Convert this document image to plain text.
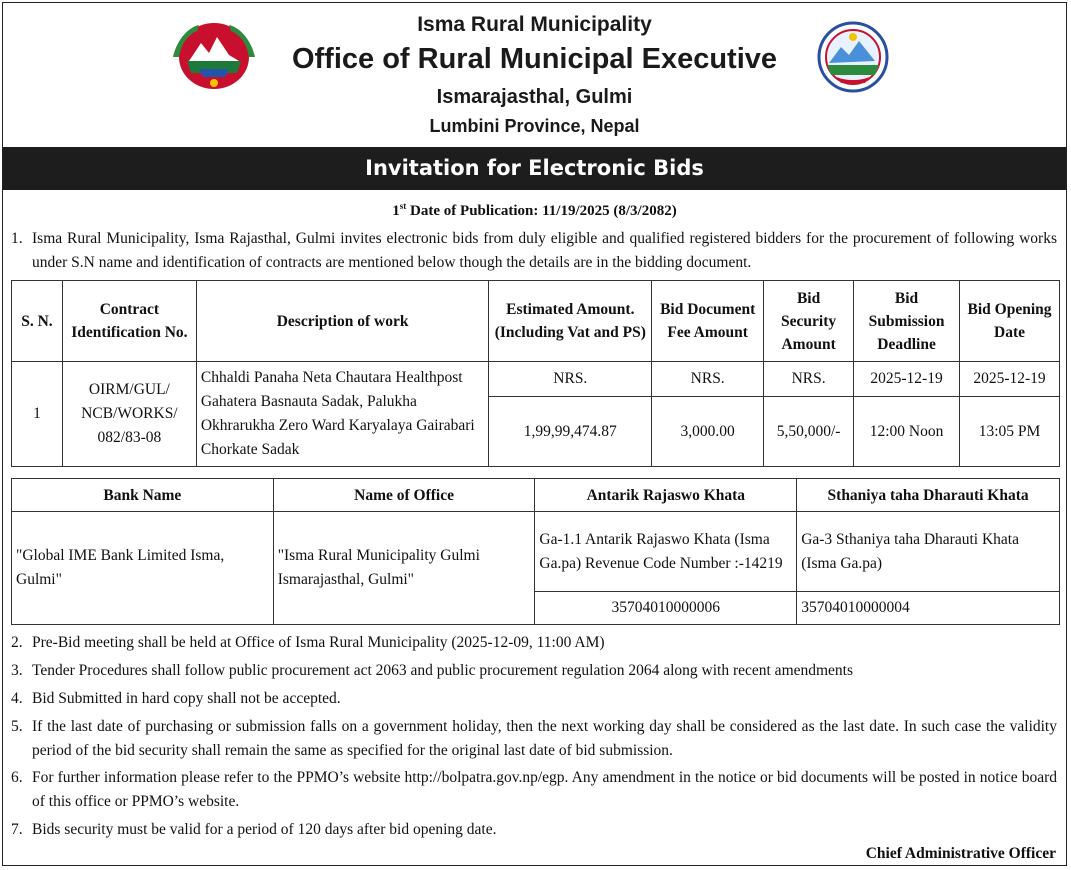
Isma Rural Municipality
Office of Rural Municipal Executive
Ismarajasthal, Gulmi
Lumbini Province, Nepal
Invitation for Electronic Bids
1st Date of Publication: 11/19/2025 (8/3/2082)
1. Isma Rural Municipality, Isma Rajasthal, Gulmi invites electronic bids from duly eligible and qualified registered bidders for the procurement of following works under S.N name and identification of contracts are mentioned below though the details are in the bidding document.
S. N.	Contract Identification No.	Description of work	Estimated Amount. (Including Vat and PS)	Bid Document Fee Amount	Bid Security Amount	Bid Submission Deadline	Bid Opening Date
1	OIRM/GUL/ NCB/WORKS/ 082/83-08	Chhaldi Panaha Neta Chautara Healthpost Gahatera Basnauta Sadak, Palukha Okhrarukha Zero Ward Karyalaya Gairabari Chorkate Sadak	NRS.	NRS.	NRS.	2025-12-19	2025-12-19
			1,99,99,474.87	3,000.00	5,50,000/-	12:00 Noon	13:05 PM
Bank Name	Name of Office	Antarik Rajaswo Khata	Sthaniya taha Dharauti Khata
"Global IME Bank Limited Isma, Gulmi"	"Isma Rural Municipality Gulmi Ismarajasthal, Gulmi"	Ga-1.1 Antarik Rajaswo Khata (Isma Ga.pa) Revenue Code Number :-14219	Ga-3 Sthaniya taha Dharauti Khata (Isma Ga.pa)
		35704010000006	35704010000004
2. Pre-Bid meeting shall be held at Office of Isma Rural Municipality (2025-12-09, 11:00 AM)
3. Tender Procedures shall follow public procurement act 2063 and public procurement regulation 2064 along with recent amendments
4. Bid Submitted in hard copy shall not be accepted.
5. If the last date of purchasing or submission falls on a government holiday, then the next working day shall be considered as the last date. In such case the validity period of the bid security shall remain the same as specified for the original last date of bid submission.
6. For further information please refer to the PPMO’s website http://bolpatra.gov.np/egp. Any amendment in the notice or bid documents will be posted in notice board of this office or PPMO’s website.
7. Bids security must be valid for a period of 120 days after bid opening date.
Chief Administrative Officer
